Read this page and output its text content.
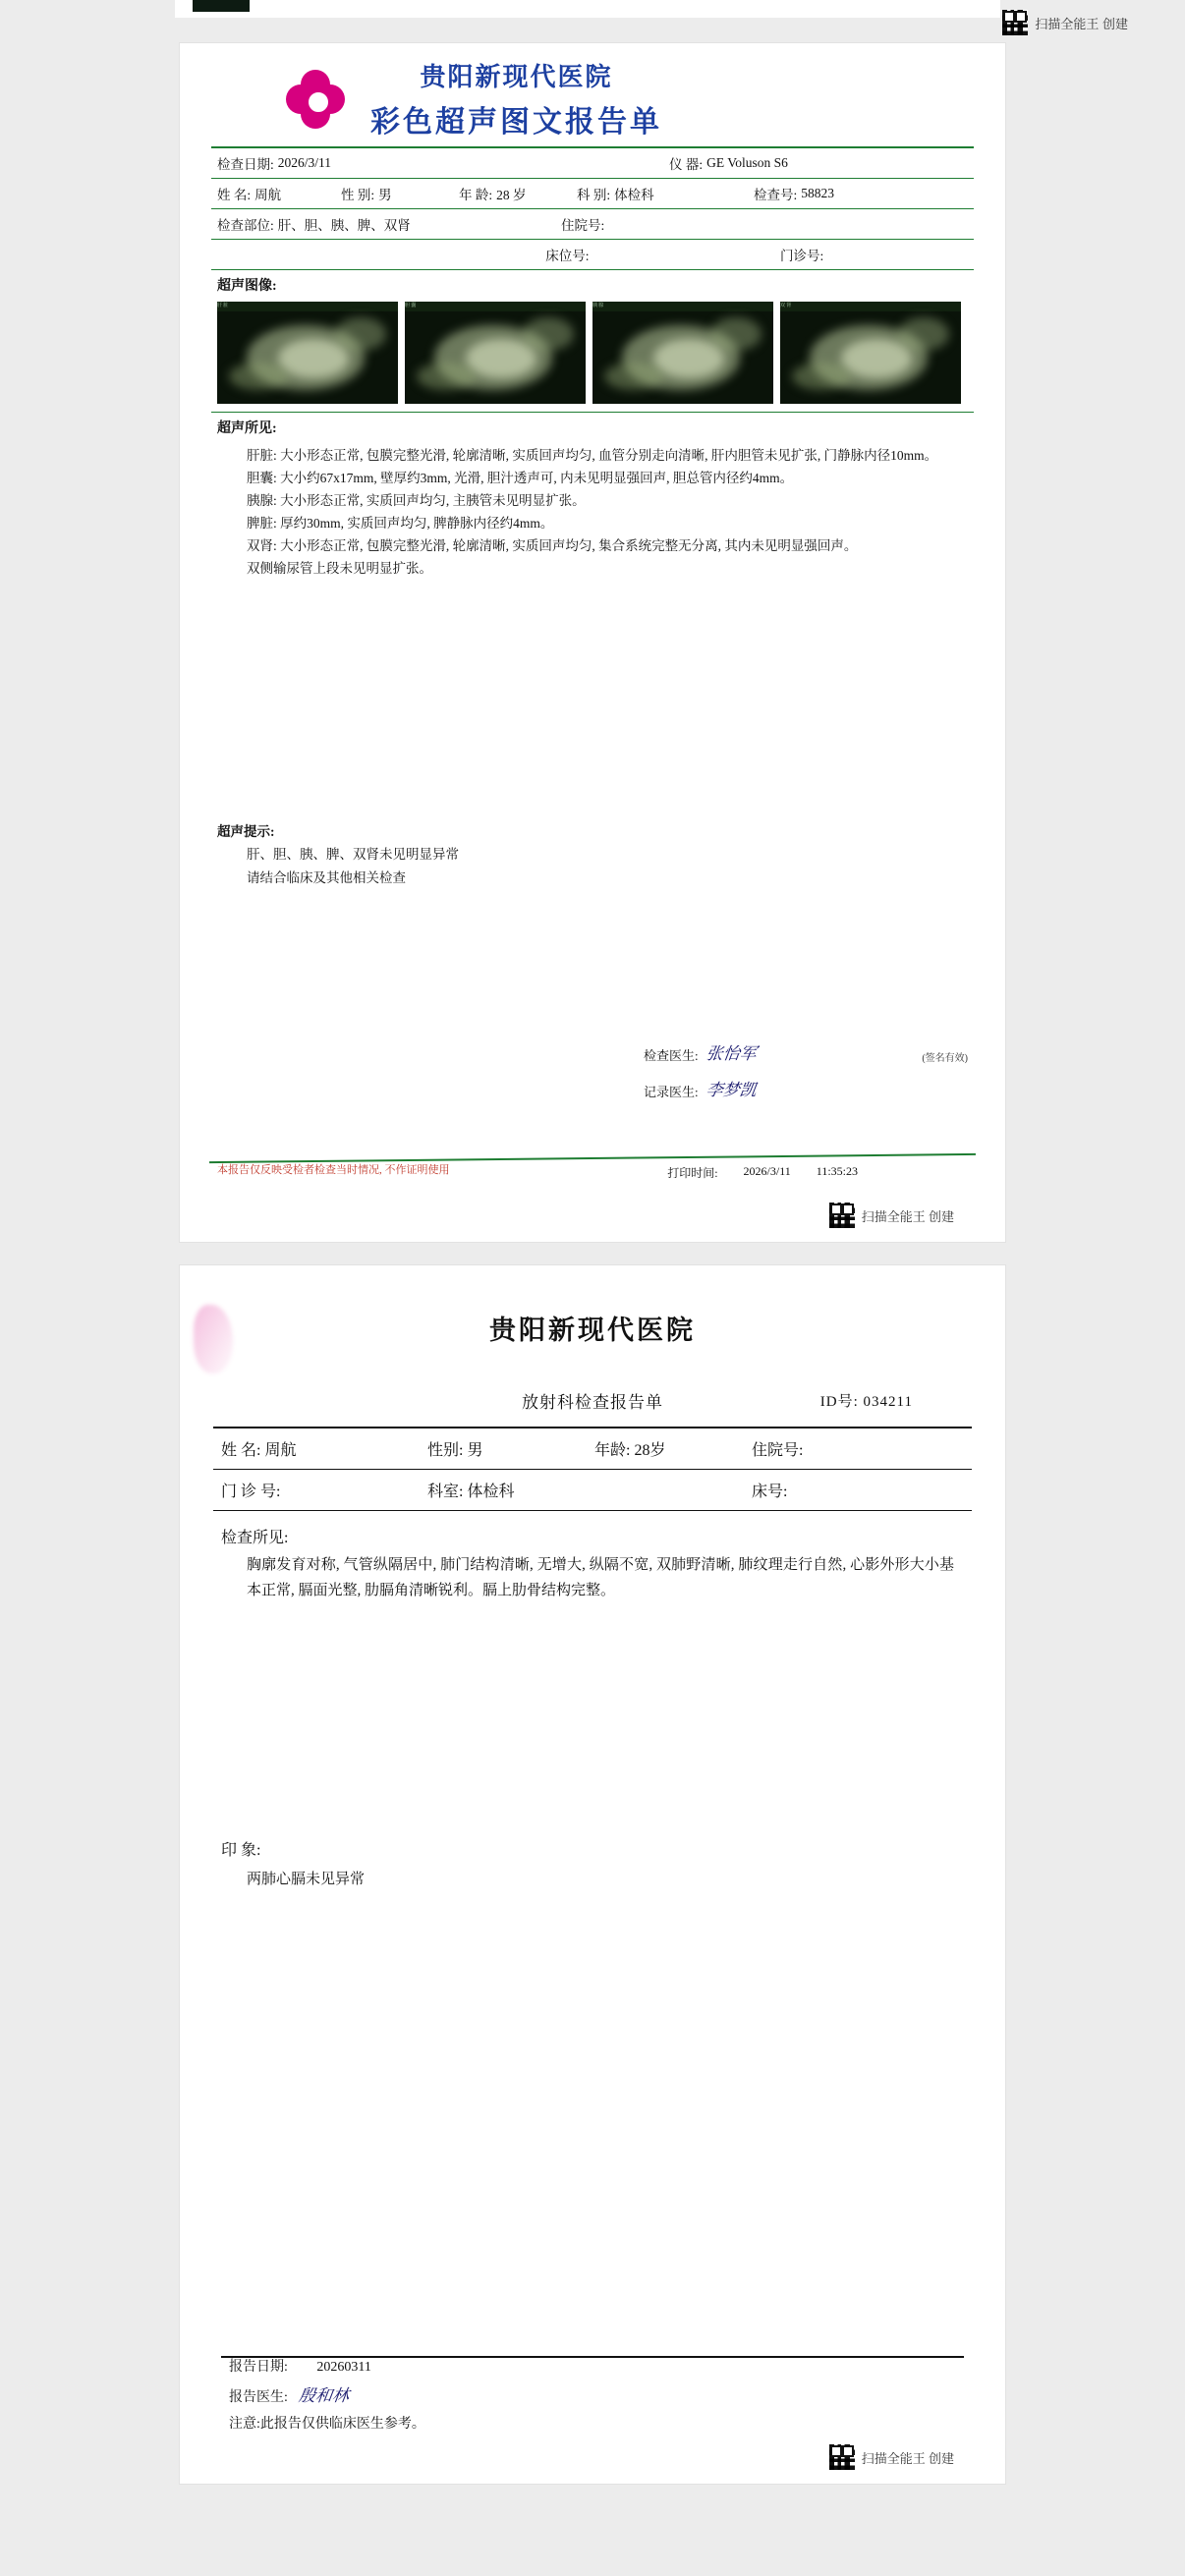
扫描全能王 创建
贵阳新现代医院
彩色超声图文报告单
检查日期: 2026/3/11	仪 器: GE Voluson S6
姓 名: 周航	性 别: 男	年 龄: 28 岁	科 别: 体检科	检查号: 58823
检查部位: 肝、胆、胰、脾、双肾	住院号:
床位号:	门诊号:
超声图像:
肝 脏	胆 囊	胰 腺	双 肾
超声所见:

肝脏: 大小形态正常, 包膜完整光滑, 轮廓清晰, 实质回声均匀, 血管分别走向清晰, 肝内胆管未见扩张, 门静脉内径10mm。

胆囊: 大小约67x17mm, 壁厚约3mm, 光滑, 胆汁透声可, 内未见明显强回声, 胆总管内径约4mm。

胰腺: 大小形态正常, 实质回声均匀, 主胰管未见明显扩张。

脾脏: 厚约30mm, 实质回声均匀, 脾静脉内径约4mm。

双肾: 大小形态正常, 包膜完整光滑, 轮廓清晰, 实质回声均匀, 集合系统完整无分离, 其内未见明显强回声。

双侧输尿管上段未见明显扩张。

超声提示:

肝、胆、胰、脾、双肾未见明显异常

请结合临床及其他相关检查

检查医生: 张怡军	(签名有效)
记录医生: 李梦凯
本报告仅反映受检者检查当时情况, 不作证明使用	打印时间: 2026/3/11 11:35:23
扫描全能王 创建
贵阳新现代医院
放射科检查报告单	ID号: 034211
姓 名: 周航	性别: 男	年龄: 28岁	住院号:
门 诊 号:	科室: 体检科	床号:
检查所见:
胸廓发育对称, 气管纵隔居中, 肺门结构清晰, 无增大, 纵隔不宽, 双肺野清晰, 肺纹理走行自然, 心影外形大小基本正常, 膈面光整, 肋膈角清晰锐利。膈上肋骨结构完整。
印 象:
两肺心膈未见异常
报告日期: 20260311
报告医生: 殷和林
注意:此报告仅供临床医生参考。
扫描全能王 创建
